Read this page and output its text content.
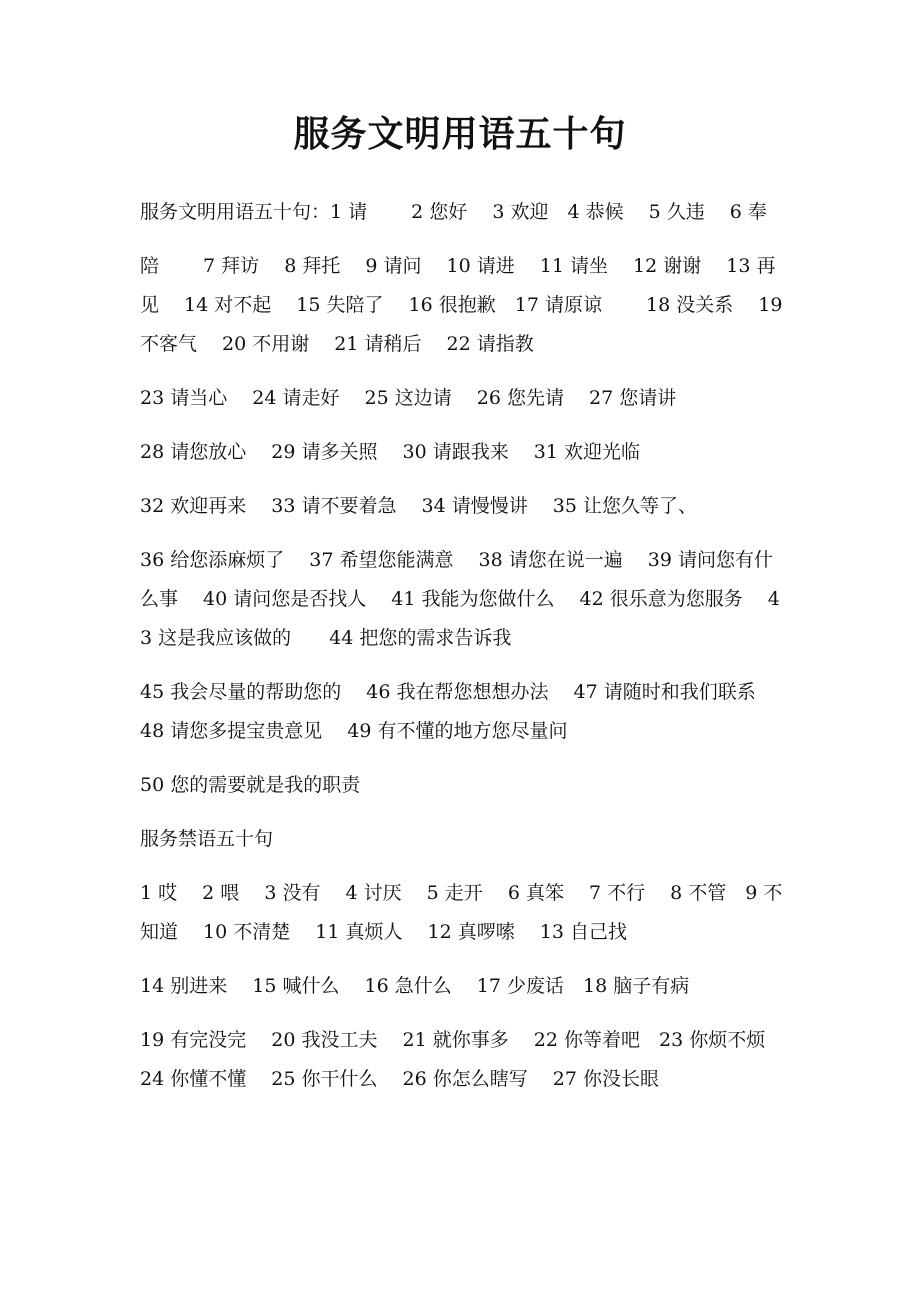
服务文明用语五十句

服务文明用语五十句：1 请　　 2 您好　 3 欢迎　4 恭候　 5 久违　 6 奉

陪　　 7 拜访　 8 拜托　 9 请问　 10 请进　 11 请坐　 12 谢谢　 13 再见　 14 对不起　 15 失陪了　 16 很抱歉　17 请原谅　　 18 没关系　 19 不客气　 20 不用谢　 21 请稍后　 22 请指教

23 请当心　 24 请走好　 25 这边请　 26 您先请　 27 您请讲

28 请您放心　 29 请多关照　 30 请跟我来　 31 欢迎光临

32 欢迎再来　 33 请不要着急　 34 请慢慢讲　 35 让您久等了、

36 给您添麻烦了　 37 希望您能满意　 38 请您在说一遍　 39 请问您有什么事　 40 请问您是否找人　 41 我能为您做什么　 42 很乐意为您服务　 43 这是我应该做的　　44 把您的需求告诉我

45 我会尽量的帮助您的　 46 我在帮您想想办法　 47 请随时和我们联系　 48 请您多提宝贵意见　 49 有不懂的地方您尽量问

50 您的需要就是我的职责

服务禁语五十句

1 哎　 2 喂　 3 没有　 4 讨厌　 5 走开　 6 真笨　 7 不行　 8 不管　9 不知道　 10 不清楚　 11 真烦人　 12 真啰嗦　 13 自己找

14 别进来　 15 喊什么　 16 急什么　 17 少废话　18 脑子有病

19 有完没完　 20 我没工夫　 21 就你事多　 22 你等着吧　23 你烦不烦　24 你懂不懂　 25 你干什么　 26 你怎么瞎写　 27 你没长眼
